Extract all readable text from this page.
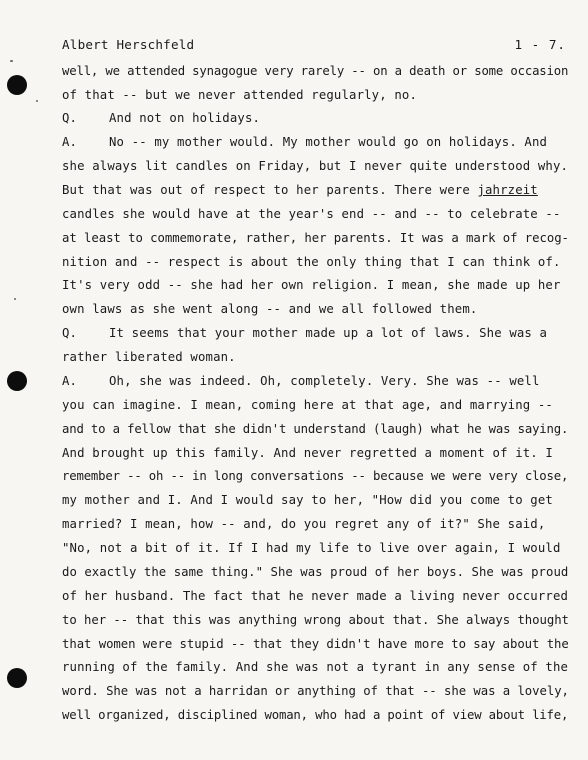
Albert Herschfeld	1 - 7.
well, we attended synagogue very rarely -- on a death or some occasion
of that -- but we never attended regularly, no.
Q.	And not on holidays.
A.	No -- my mother would. My mother would go on holidays. And
she always lit candles on Friday, but I never quite understood why.
But that was out of respect to her parents. There were jahrzeit
candles she would have at the year's end -- and -- to celebrate --
at least to commemorate, rather, her parents. It was a mark of recog-
nition and -- respect is about the only thing that I can think of.
It's very odd -- she had her own religion. I mean, she made up her
own laws as she went along -- and we all followed them.
Q.	It seems that your mother made up a lot of laws. She was a
rather liberated woman.
A.	Oh, she was indeed. Oh, completely. Very. She was -- well
you can imagine. I mean, coming here at that age, and marrying --
and to a fellow that she didn't understand (laugh) what he was saying.
And brought up this family. And never regretted a moment of it. I
remember -- oh -- in long conversations -- because we were very close,
my mother and I. And I would say to her, "How did you come to get
married? I mean, how -- and, do you regret any of it?" She said,
"No, not a bit of it. If I had my life to live over again, I would
do exactly the same thing." She was proud of her boys. She was proud
of her husband. The fact that he never made a living never occurred
to her -- that this was anything wrong about that. She always thought
that women were stupid -- that they didn't have more to say about the
running of the family. And she was not a tyrant in any sense of the
word. She was not a harridan or anything of that -- she was a lovely,
well organized, disciplined woman, who had a point of view about life,
